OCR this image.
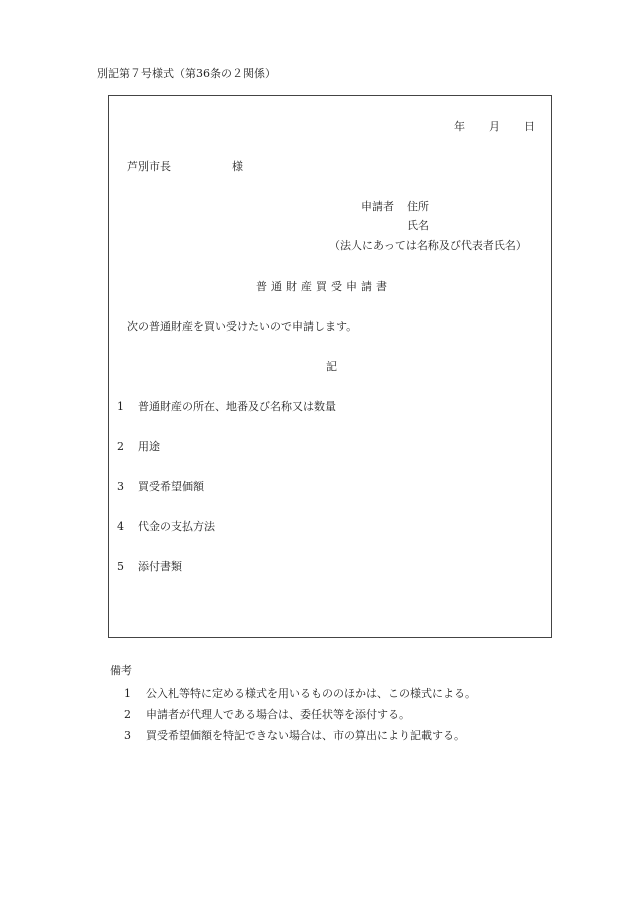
別記第７号様式（第36条の２関係）
年 月 日
芦別市長	様
申請者 住所
氏名
（法人にあっては名称及び代表者氏名）
普通財産買受申請書
次の普通財産を買い受けたいので申請します。
記
1 普通財産の所在、地番及び名称又は数量
2 用途
3 買受希望価額
4 代金の支払方法
5 添付書類
備考
1 公入札等特に定める様式を用いるもののほかは、この様式による。
2 申請者が代理人である場合は、委任状等を添付する。
3 買受希望価額を特記できない場合は、市の算出により記載する。
